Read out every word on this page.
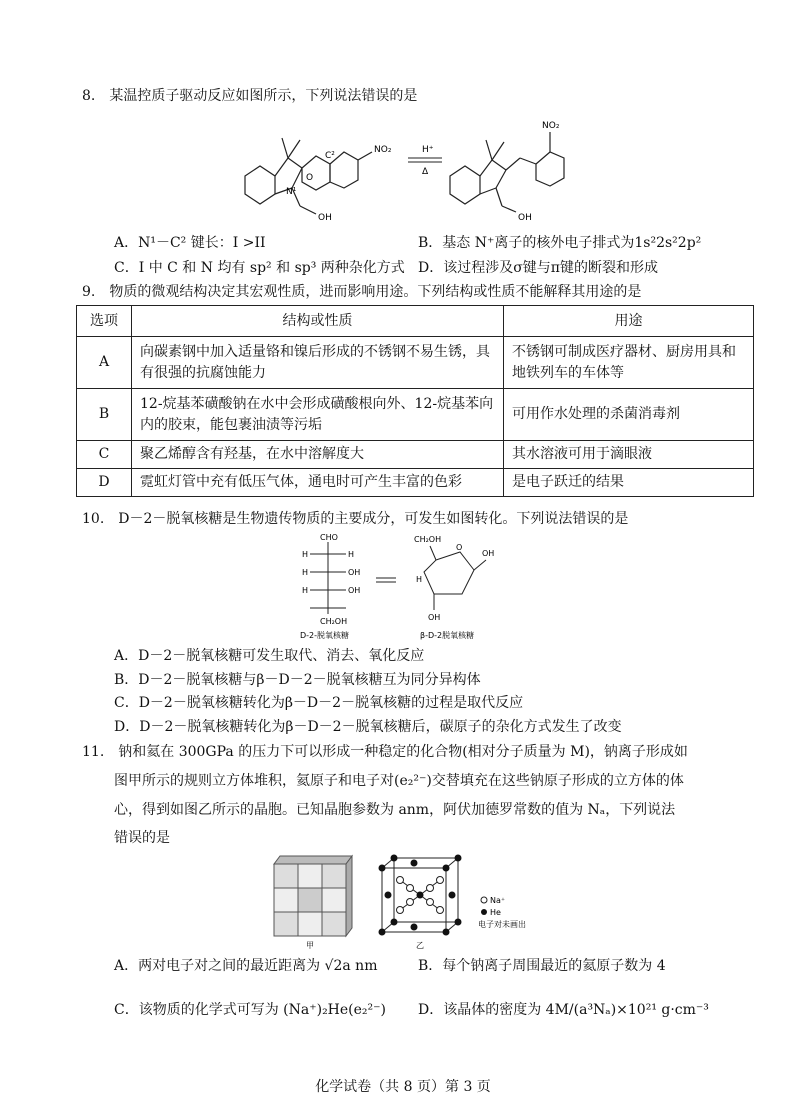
8.　某温控质子驱动反应如图所示，下列说法错误的是
C²
O
N¹
NO₂
OH
H⁺
Δ
NO₂
OH
A．N¹－C² 键长：I >II	B．基态 N⁺离子的核外电子排式为1s²2s²2p²
C．I 中 C 和 N 均有 sp² 和 sp³ 两种杂化方式 D．该过程涉及σ键与π键的断裂和形成
9.　物质的微观结构决定其宏观性质，进而影响用途。下列结构或性质不能解释其用途的是
选项	结构或性质	用途
A	向碳素钢中加入适量铬和镍后形成的不锈钢不易生锈，具有很强的抗腐蚀能力	不锈钢可制成医疗器材、厨房用具和地铁列车的车体等
B	12-烷基苯磺酸钠在水中会形成磺酸根向外、12-烷基苯向内的胶束，能包裹油渍等污垢	可用作水处理的杀菌消毒剂
C	聚乙烯醇含有羟基，在水中溶解度大	其水溶液可用于滴眼液
D	霓虹灯管中充有低压气体，通电时可产生丰富的色彩	是电子跃迁的结果
10.　D－2－脱氧核糖是生物遗传物质的主要成分，可发生如图转化。下列说法错误的是
CHO
H	H
H	OH
H	OH
CH₂OH
D-2-脱氧核糖
CH₂OH
O
OH
H
OH
β-D-2脱氧核糖
A．D－2－脱氧核糖可发生取代、消去、氧化反应
B．D－2－脱氧核糖与β－D－2－脱氧核糖互为同分异构体
C．D－2－脱氧核糖转化为β－D－2－脱氧核糖的过程是取代反应
D．D－2－脱氧核糖转化为β－D－2－脱氧核糖后，碳原子的杂化方式发生了改变
11.　钠和氦在 300GPa 的压力下可以形成一种稳定的化合物(相对分子质量为 M)，钠离子形成如
图甲所示的规则立方体堆积，氦原子和电子对(e₂²⁻)交替填充在这些钠原子形成的立方体的体
心，得到如图乙所示的晶胞。已知晶胞参数为 anm，阿伏加德罗常数的值为 Nₐ，下列说法
错误的是
甲	乙
Na⁺
He
电子对未画出
A．两对电子对之间的最近距离为 √2a nm	B．每个钠离子周围最近的氦原子数为 4
C．该物质的化学式可写为 (Na⁺)₂He(e₂²⁻) D．该晶体的密度为 4M/(a³Nₐ)×10²¹ g·cm⁻³
化学试卷（共 8 页）第 3 页
